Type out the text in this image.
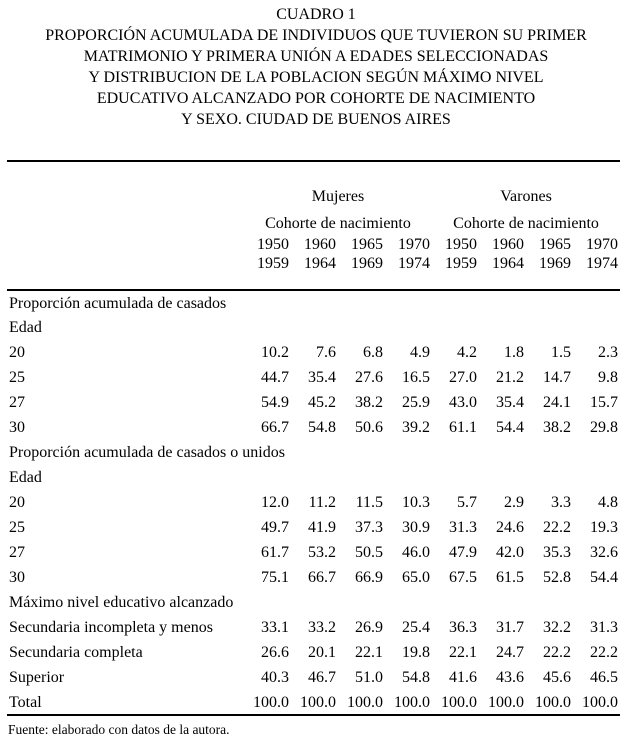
CUADRO 1
PROPORCIÓN ACUMULADA DE INDIVIDUOS QUE TUVIERON SU PRIMER
MATRIMONIO Y PRIMERA UNIÓN A EDADES SELECCIONADAS
Y DISTRIBUCION DE LA POBLACION SEGÚN MÁXIMO NIVEL
EDUCATIVO ALCANZADO POR COHORTE DE NACIMIENTO
Y SEXO. CIUDAD DE BUENOS AIRES
	Mujeres				Varones			
	Cohorte de nacimiento				Cohorte de nacimiento			
	1950	1960	1965	1970	1950	1960	1965	1970
	1959	1964	1969	1974	1959	1964	1969	1974
Proporción acumulada de casados								
Edad								
20	10.2	7.6	6.8	4.9	4.2	1.8	1.5	2.3
25	44.7	35.4	27.6	16.5	27.0	21.2	14.7	9.8
27	54.9	45.2	38.2	25.9	43.0	35.4	24.1	15.7
30	66.7	54.8	50.6	39.2	61.1	54.4	38.2	29.8
Proporción acumulada de casados o unidos								
Edad								
20	12.0	11.2	11.5	10.3	5.7	2.9	3.3	4.8
25	49.7	41.9	37.3	30.9	31.3	24.6	22.2	19.3
27	61.7	53.2	50.5	46.0	47.9	42.0	35.3	32.6
30	75.1	66.7	66.9	65.0	67.5	61.5	52.8	54.4
Máximo nivel educativo alcanzado								
Secundaria incompleta y menos	33.1	33.2	26.9	25.4	36.3	31.7	32.2	31.3
Secundaria completa	26.6	20.1	22.1	19.8	22.1	24.7	22.2	22.2
Superior	40.3	46.7	51.0	54.8	41.6	43.6	45.6	46.5
Total	100.0	100.0	100.0	100.0	100.0	100.0	100.0	100.0
Fuente: elaborado con datos de la autora.
